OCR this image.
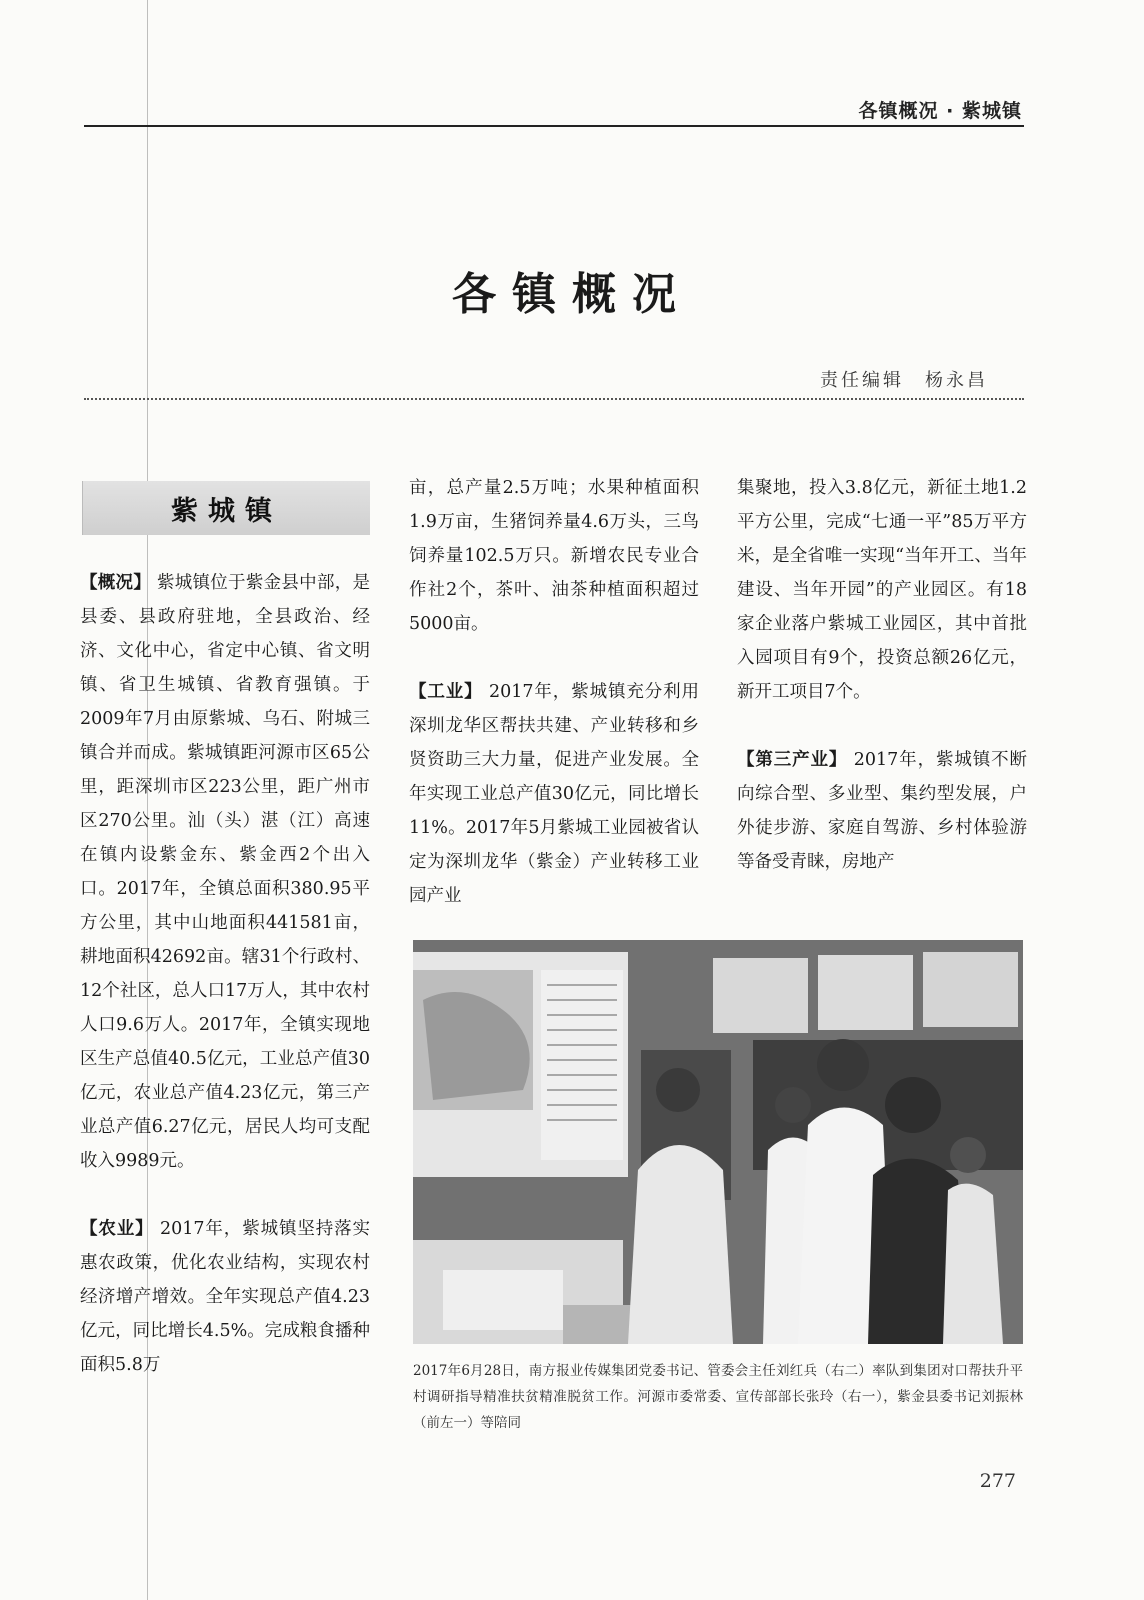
各镇概况 · 紫城镇
各镇概况
责任编辑　杨永昌
紫城镇

【概况】 紫城镇位于紫金县中部，是县委、县政府驻地，全县政治、经济、文化中心，省定中心镇、省文明镇、省卫生城镇、省教育强镇。于2009年7月由原紫城、乌石、附城三镇合并而成。紫城镇距河源市区65公里，距深圳市区223公里，距广州市区270公里。汕（头）湛（江）高速在镇内设紫金东、紫金西2个出入口。2017年，全镇总面积380.95平方公里，其中山地面积441581亩，耕地面积42692亩。辖31个行政村、12个社区，总人口17万人，其中农村人口9.6万人。2017年，全镇实现地区生产总值40.5亿元，工业总产值30亿元，农业总产值4.23亿元，第三产业总产值6.27亿元，居民人均可支配收入9989元。

【农业】 2017年，紫城镇坚持落实惠农政策，优化农业结构，实现农村经济增产增效。全年实现总产值4.23亿元，同比增长4.5%。完成粮食播种面积5.8万

亩，总产量2.5万吨；水果种植面积1.9万亩，生猪饲养量4.6万头，三鸟饲养量102.5万只。新增农民专业合作社2个，茶叶、油茶种植面积超过5000亩。

【工业】 2017年，紫城镇充分利用深圳龙华区帮扶共建、产业转移和乡贤资助三大力量，促进产业发展。全年实现工业总产值30亿元，同比增长11%。2017年5月紫城工业园被省认定为深圳龙华（紫金）产业转移工业园产业

集聚地，投入3.8亿元，新征土地1.2平方公里，完成“七通一平”85万平方米，是全省唯一实现“当年开工、当年建设、当年开园”的产业园区。有18家企业落户紫城工业园区，其中首批入园项目有9个，投资总额26亿元，新开工项目7个。

【第三产业】 2017年，紫城镇不断向综合型、多业型、集约型发展，户外徒步游、家庭自驾游、乡村体验游等备受青睐，房地产

2017年6月28日，南方报业传媒集团党委书记、管委会主任刘红兵（右二）率队到集团对口帮扶升平村调研指导精准扶贫精准脱贫工作。河源市委常委、宣传部部长张玲（右一），紫金县委书记刘振林（前左一）等陪同
277
